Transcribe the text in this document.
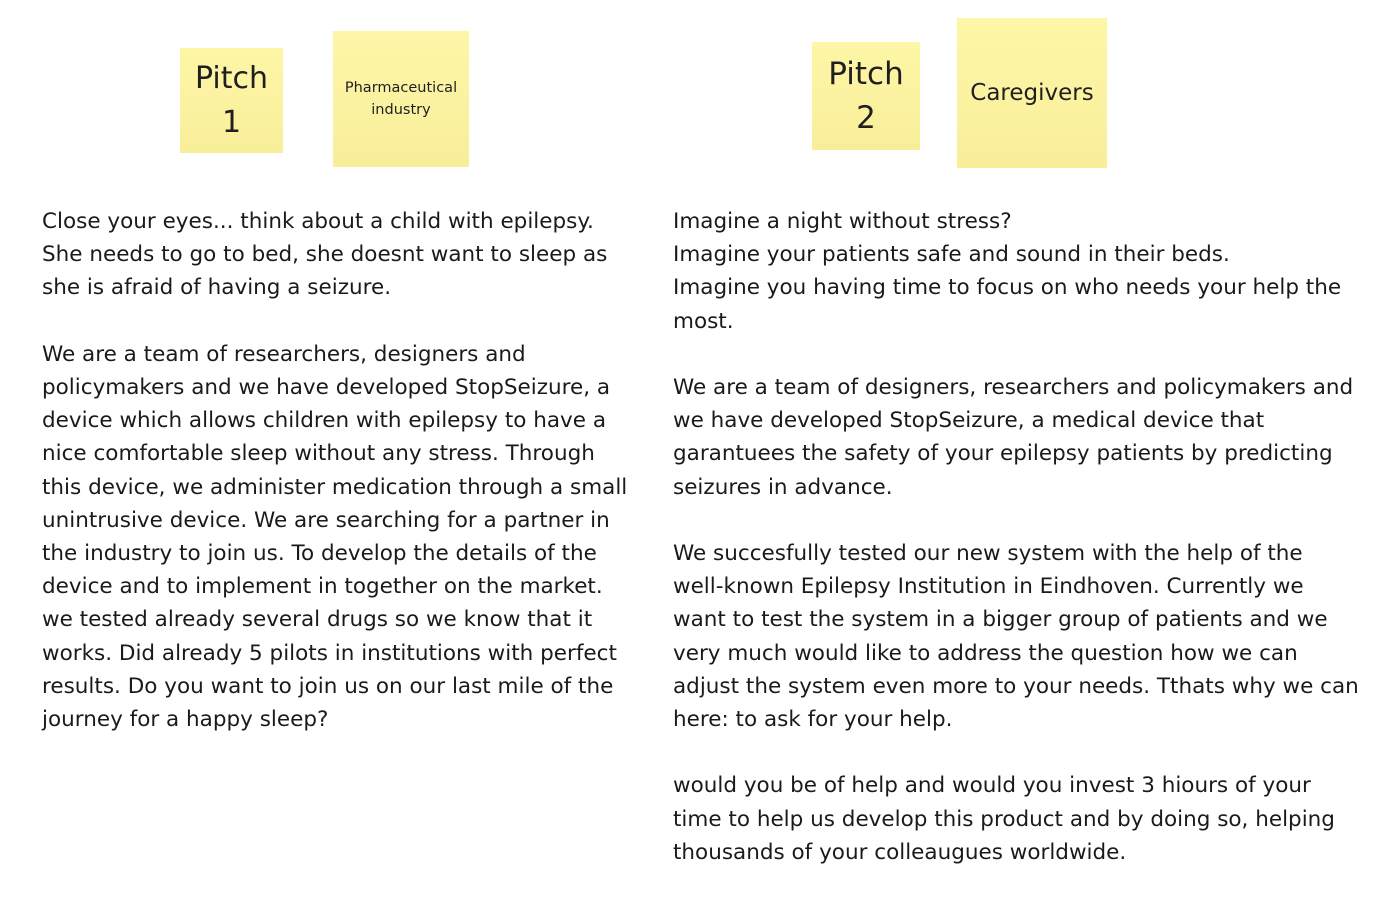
Pitch
1
Pharmaceutical
industry
Pitch
2
Caregivers

Close your eyes... think about a child with epilepsy.
She needs to go to bed, she doesnt want to sleep as
she is afraid of having a seizure.

We are a team of researchers, designers and
policymakers and we have developed StopSeizure, a
device which allows children with epilepsy to have a
nice comfortable sleep without any stress. Through
this device, we administer medication through a small
unintrusive device. We are searching for a partner in
the industry to join us. To develop the details of the
device and to implement in together on the market.
we tested already several drugs so we know that it
works. Did already 5 pilots in institutions with perfect
results. Do you want to join us on our last mile of the
journey for a happy sleep?

Imagine a night without stress?
Imagine your patients safe and sound in their beds.
Imagine you having time to focus on who needs your help the
most.

We are a team of designers, researchers and policymakers and
we have developed StopSeizure, a medical device that
garantuees the safety of your epilepsy patients by predicting
seizures in advance.

We succesfully tested our new system with the help of the
well-known Epilepsy Institution in Eindhoven. Currently we
want to test the system in a bigger group of patients and we
very much would like to address the question how we can
adjust the system even more to your needs. Tthats why we can
here: to ask for your help.

would you be of help and would you invest 3 hiours of your
time to help us develop this product and by doing so, helping
thousands of your colleaugues worldwide.
